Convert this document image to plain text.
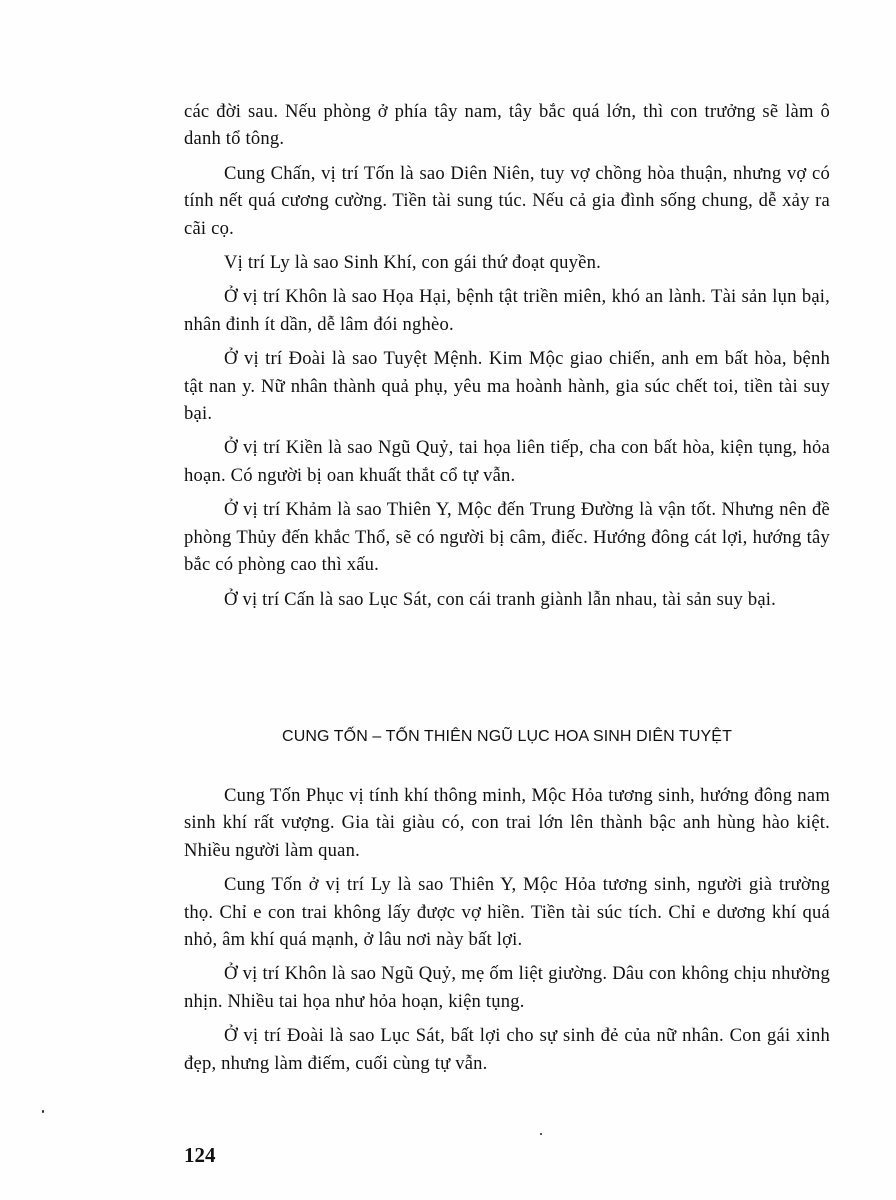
các đời sau. Nếu phòng ở phía tây nam, tây bắc quá lớn, thì con trưởng sẽ làm ô danh tổ tông.

Cung Chấn, vị trí Tốn là sao Diên Niên, tuy vợ chồng hòa thuận, nhưng vợ có tính nết quá cương cường. Tiền tài sung túc. Nếu cả gia đình sống chung, dễ xảy ra cãi cọ.

Vị trí Ly là sao Sinh Khí, con gái thứ đoạt quyền.

Ở vị trí Khôn là sao Họa Hại, bệnh tật triền miên, khó an lành. Tài sản lụn bại, nhân đinh ít dần, dễ lâm đói nghèo.

Ở vị trí Đoài là sao Tuyệt Mệnh. Kim Mộc giao chiến, anh em bất hòa, bệnh tật nan y. Nữ nhân thành quả phụ, yêu ma hoành hành, gia súc chết toi, tiền tài suy bại.

Ở vị trí Kiền là sao Ngũ Quỷ, tai họa liên tiếp, cha con bất hòa, kiện tụng, hỏa hoạn. Có người bị oan khuất thắt cổ tự vẫn.

Ở vị trí Khảm là sao Thiên Y, Mộc đến Trung Đường là vận tốt. Nhưng nên đề phòng Thủy đến khắc Thổ, sẽ có người bị câm, điếc. Hướng đông cát lợi, hướng tây bắc có phòng cao thì xấu.

Ở vị trí Cấn là sao Lục Sát, con cái tranh giành lẫn nhau, tài sản suy bại.

CUNG TỐN – TỐN THIÊN NGŨ LỤC HOA SINH DIÊN TUYỆT

Cung Tốn Phục vị tính khí thông minh, Mộc Hỏa tương sinh, hướng đông nam sinh khí rất vượng. Gia tài giàu có, con trai lớn lên thành bậc anh hùng hào kiệt. Nhiều người làm quan.

Cung Tốn ở vị trí Ly là sao Thiên Y, Mộc Hỏa tương sinh, người già trường thọ. Chỉ e con trai không lấy được vợ hiền. Tiền tài súc tích. Chỉ e dương khí quá nhỏ, âm khí quá mạnh, ở lâu nơi này bất lợi.

Ở vị trí Khôn là sao Ngũ Quỷ, mẹ ốm liệt giường. Dâu con không chịu nhường nhịn. Nhiều tai họa như hỏa hoạn, kiện tụng.

Ở vị trí Đoài là sao Lục Sát, bất lợi cho sự sinh đẻ của nữ nhân. Con gái xinh đẹp, nhưng làm điếm, cuối cùng tự vẫn.

124
